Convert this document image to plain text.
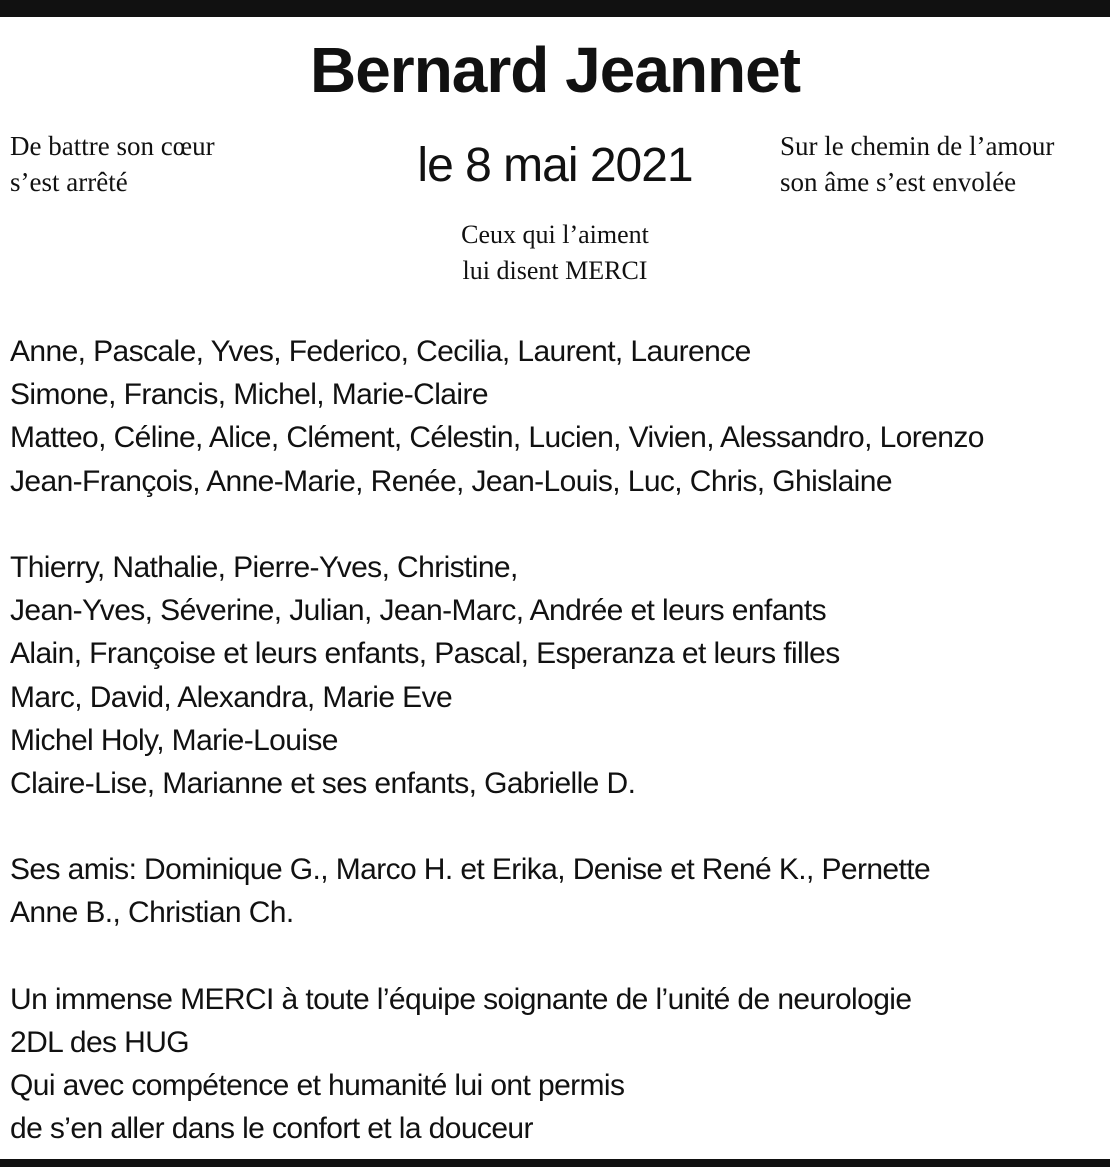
Bernard Jeannet
De battre son cœur
s’est arrêté	le 8 mai 2021	Sur le chemin de l’amour
son âme s’est envolée
Ceux qui l’aiment
lui disent MERCI
Anne, Pascale, Yves, Federico, Cecilia, Laurent, Laurence
Simone, Francis, Michel, Marie-Claire
Matteo, Céline, Alice, Clément, Célestin, Lucien, Vivien, Alessandro, Lorenzo
Jean-François, Anne-Marie, Renée, Jean-Louis, Luc, Chris, Ghislaine
Thierry, Nathalie, Pierre-Yves, Christine,
Jean-Yves, Séverine, Julian, Jean-Marc, Andrée et leurs enfants
Alain, Françoise et leurs enfants, Pascal, Esperanza et leurs filles
Marc, David, Alexandra, Marie Eve
Michel Holy, Marie-Louise
Claire-Lise, Marianne et ses enfants, Gabrielle D.
Ses amis: Dominique G., Marco H. et Erika, Denise et René K., Pernette
Anne B., Christian Ch.
Un immense MERCI à toute l’équipe soignante de l’unité de neurologie
2DL des HUG
Qui avec compétence et humanité lui ont permis
de s’en aller dans le confort et la douceur
